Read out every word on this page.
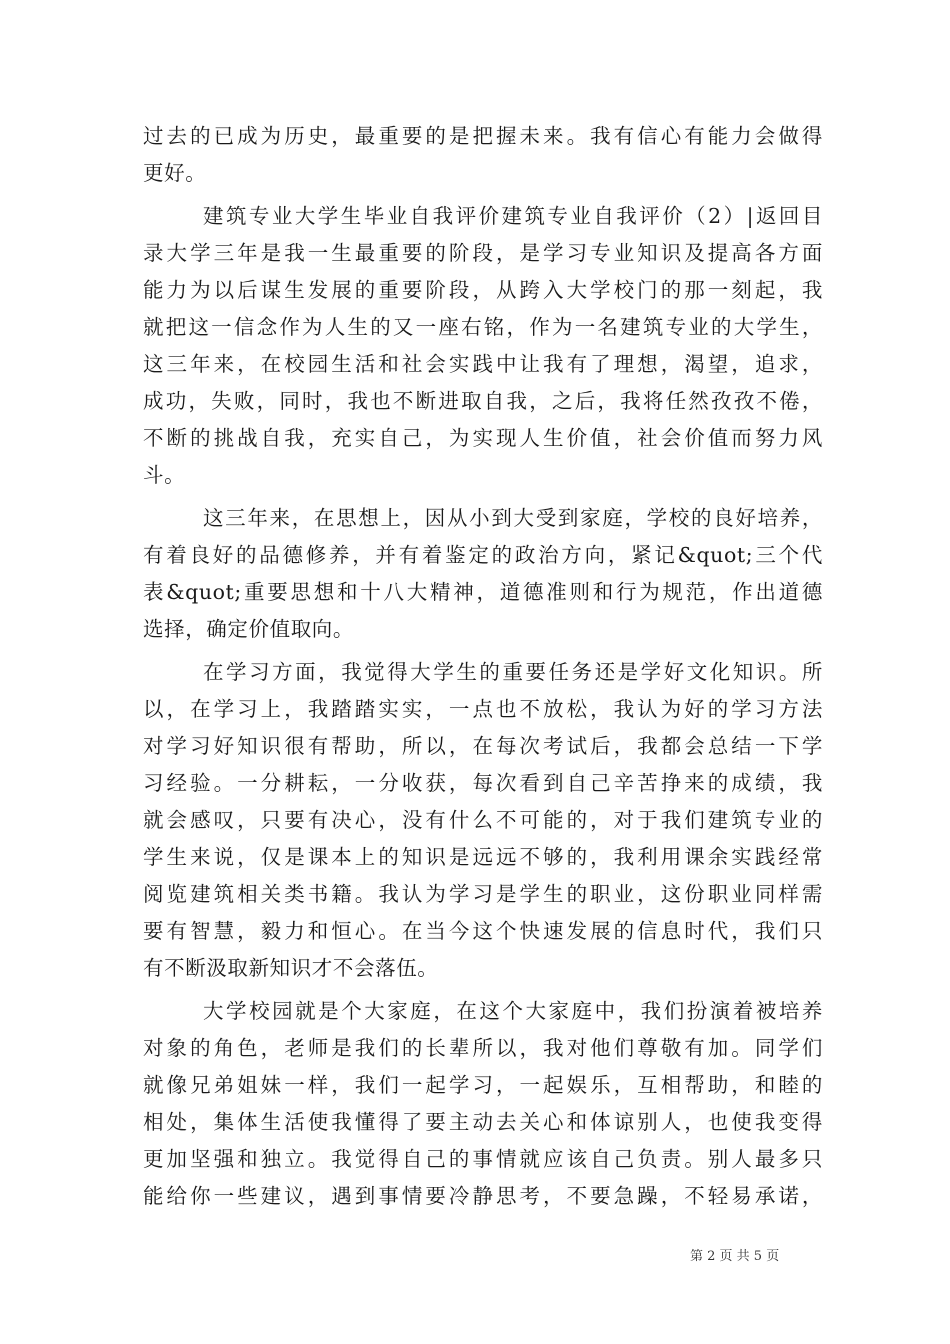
过去的已成为历史，最重要的是把握未来。我有信心有能力会做得
更好。
建筑专业大学生毕业自我评价建筑专业自我评价（2）|返回目
录大学三年是我一生最重要的阶段，是学习专业知识及提高各方面
能力为以后谋生发展的重要阶段，从跨入大学校门的那一刻起，我
就把这一信念作为人生的又一座右铭，作为一名建筑专业的大学生，
这三年来，在校园生活和社会实践中让我有了理想，渴望，追求，
成功，失败，同时，我也不断进取自我，之后，我将任然孜孜不倦，
不断的挑战自我，充实自己，为实现人生价值，社会价值而努力风
斗。
这三年来，在思想上，因从小到大受到家庭，学校的良好培养，
有着良好的品德修养，并有着鉴定的政治方向，紧记&quot;三个代
表&quot;重要思想和十八大精神，道德准则和行为规范，作出道德
选择，确定价值取向。
在学习方面，我觉得大学生的重要任务还是学好文化知识。所
以，在学习上，我踏踏实实，一点也不放松，我认为好的学习方法
对学习好知识很有帮助，所以，在每次考试后，我都会总结一下学
习经验。一分耕耘，一分收获，每次看到自己辛苦挣来的成绩，我
就会感叹，只要有决心，没有什么不可能的，对于我们建筑专业的
学生来说，仅是课本上的知识是远远不够的，我利用课余实践经常
阅览建筑相关类书籍。我认为学习是学生的职业，这份职业同样需
要有智慧，毅力和恒心。在当今这个快速发展的信息时代，我们只
有不断汲取新知识才不会落伍。
大学校园就是个大家庭，在这个大家庭中，我们扮演着被培养
对象的角色，老师是我们的长辈所以，我对他们尊敬有加。同学们
就像兄弟姐妹一样，我们一起学习，一起娱乐，互相帮助，和睦的
相处，集体生活使我懂得了要主动去关心和体谅别人，也使我变得
更加坚强和独立。我觉得自己的事情就应该自己负责。别人最多只
能给你一些建议，遇到事情要冷静思考，不要急躁，不轻易承诺，
第 2 页 共 5 页
